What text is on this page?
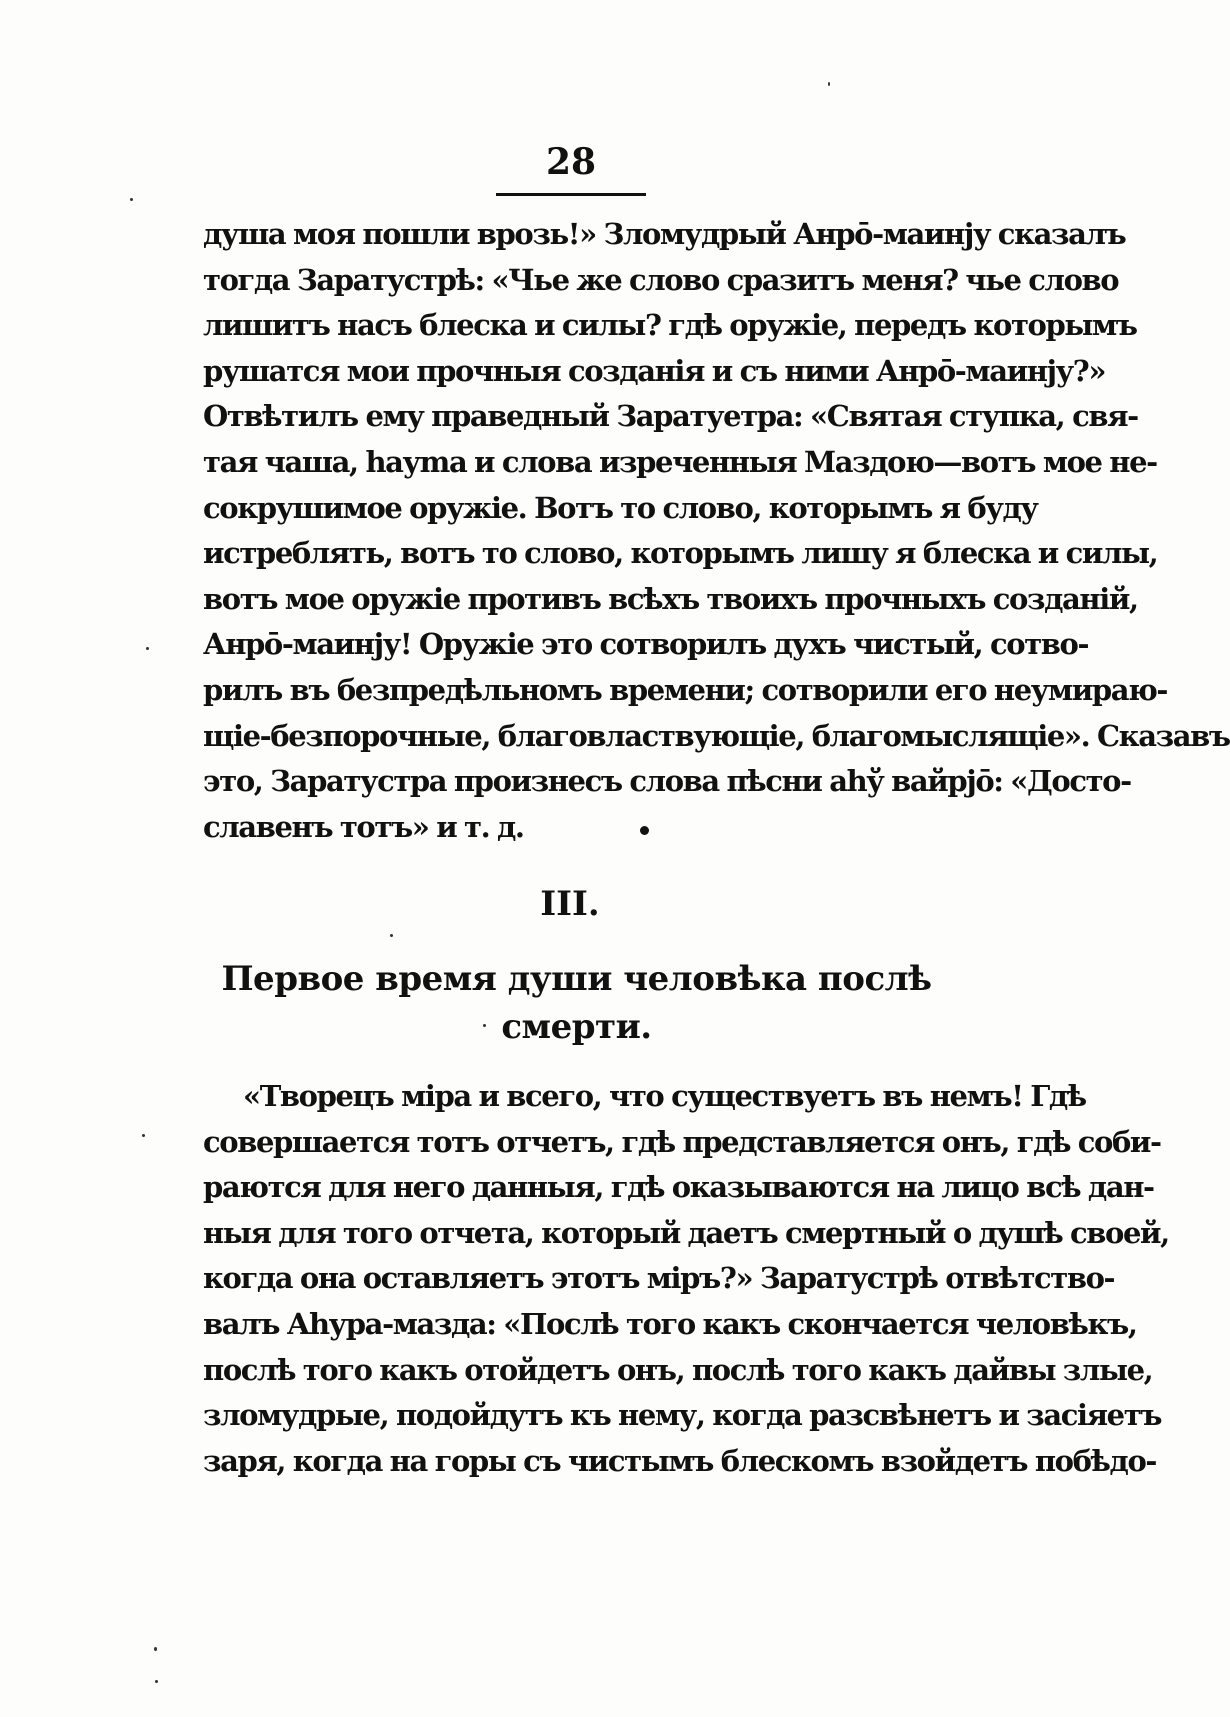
28
душа моя пошли врозь!» Зломудрый Анрō-маинју сказалъ
тогда Заратустрѣ: «Чье же слово сразитъ меня? чье слово
лишитъ насъ блеска и силы? гдѣ оружiе, передъ которымъ
рушатся мои прочныя созданiя и съ ними Анрō-маинју?»
Отвѣтилъ ему праведный Заратуетра: «Святая ступка, свя-
тая чаша, hауma и слова изреченныя Маздою—вотъ мое не-
сокрушимое оружiе. Вотъ то слово, которымъ я буду
истреблять, вотъ то слово, которымъ лишу я блеска и силы,
вотъ мое оружiе противъ всѣхъ твоихъ прочныхъ созданiй,
Анрō-маинју! Оружiе это сотворилъ духъ чистый, сотво-
рилъ въ безпредѣльномъ времени; сотворили его неумираю-
щiе-безпорочные, благовластвующiе, благомыслящiе». Сказавъ
это, Заратустра произнесъ слова пѣсни аhў вайрјō: «Досто-
славенъ тотъ» и т. д.
III.
Первое время души человѣка послѣ
смерти.
«Творецъ мiра и всего, что существуетъ въ немъ! Гдѣ
совершается тотъ отчетъ, гдѣ представляется онъ, гдѣ соби-
раются для него данныя, гдѣ оказываются на лицо всѣ дан-
ныя для того отчета, который даетъ смертный о душѣ своей,
когда она оставляетъ этотъ мiръ?» Заратустрѣ отвѣтство-
валъ Аhура-мазда: «Послѣ того какъ скончается человѣкъ,
послѣ того какъ отойдетъ онъ, послѣ того какъ дайвы злые,
зломудрые, подойдутъ къ нему, когда разсвѣнетъ и засiяетъ
заря, когда на горы съ чистымъ блескомъ взойдетъ побѣдо-
